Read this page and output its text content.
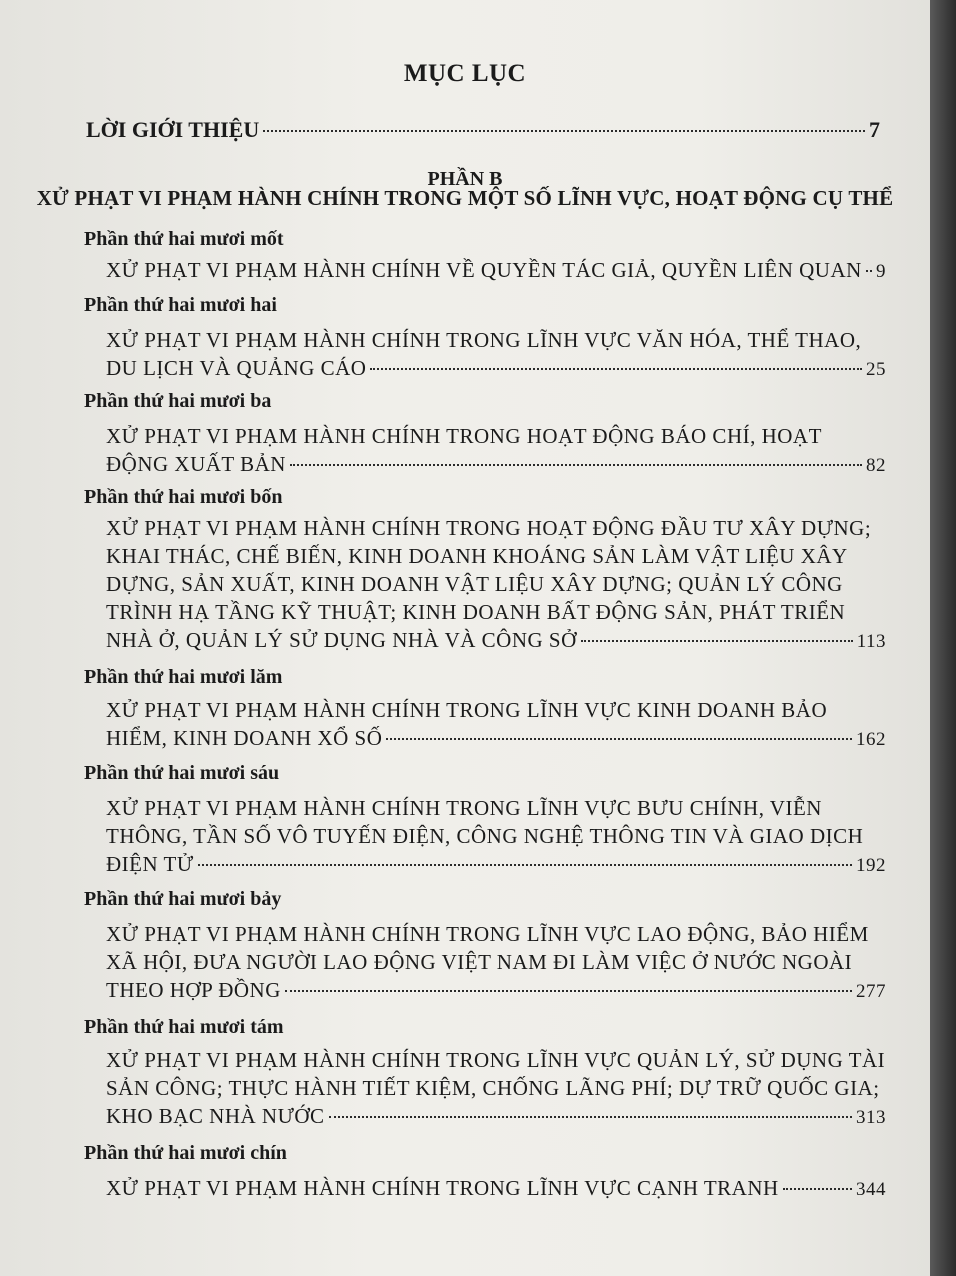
MỤC LỤC
LỜI GIỚI THIỆU	7
PHẦN B
XỬ PHẠT VI PHẠM HÀNH CHÍNH TRONG MỘT SỐ LĨNH VỰC, HOẠT ĐỘNG CỤ THỂ
Phần thứ hai mươi mốt
XỬ PHẠT VI PHẠM HÀNH CHÍNH VỀ QUYỀN TÁC GIẢ, QUYỀN LIÊN QUAN 9
Phần thứ hai mươi hai
XỬ PHẠT VI PHẠM HÀNH CHÍNH TRONG LĨNH VỰC VĂN HÓA, THỂ THAO,
DU LỊCH VÀ QUẢNG CÁO	25
Phần thứ hai mươi ba
XỬ PHẠT VI PHẠM HÀNH CHÍNH TRONG HOẠT ĐỘNG BÁO CHÍ, HOẠT
ĐỘNG XUẤT BẢN	82
Phần thứ hai mươi bốn
XỬ PHẠT VI PHẠM HÀNH CHÍNH TRONG HOẠT ĐỘNG ĐẦU TƯ XÂY DỰNG;
KHAI THÁC, CHẾ BIẾN, KINH DOANH KHOÁNG SẢN LÀM VẬT LIỆU XÂY
DỰNG, SẢN XUẤT, KINH DOANH VẬT LIỆU XÂY DỰNG; QUẢN LÝ CÔNG
TRÌNH HẠ TẦNG KỸ THUẬT; KINH DOANH BẤT ĐỘNG SẢN, PHÁT TRIỂN
NHÀ Ở, QUẢN LÝ SỬ DỤNG NHÀ VÀ CÔNG SỞ	113
Phần thứ hai mươi lăm
XỬ PHẠT VI PHẠM HÀNH CHÍNH TRONG LĨNH VỰC KINH DOANH BẢO
HIỂM, KINH DOANH XỔ SỐ	162
Phần thứ hai mươi sáu
XỬ PHẠT VI PHẠM HÀNH CHÍNH TRONG LĨNH VỰC BƯU CHÍNH, VIỄN
THÔNG, TẦN SỐ VÔ TUYẾN ĐIỆN, CÔNG NGHỆ THÔNG TIN VÀ GIAO DỊCH
ĐIỆN TỬ	192
Phần thứ hai mươi bảy
XỬ PHẠT VI PHẠM HÀNH CHÍNH TRONG LĨNH VỰC LAO ĐỘNG, BẢO HIỂM
XÃ HỘI, ĐƯA NGƯỜI LAO ĐỘNG VIỆT NAM ĐI LÀM VIỆC Ở NƯỚC NGOÀI
THEO HỢP ĐỒNG	277
Phần thứ hai mươi tám
XỬ PHẠT VI PHẠM HÀNH CHÍNH TRONG LĨNH VỰC QUẢN LÝ, SỬ DỤNG TÀI
SẢN CÔNG; THỰC HÀNH TIẾT KIỆM, CHỐNG LÃNG PHÍ; DỰ TRỮ QUỐC GIA;
KHO BẠC NHÀ NƯỚC	313
Phần thứ hai mươi chín
XỬ PHẠT VI PHẠM HÀNH CHÍNH TRONG LĨNH VỰC CẠNH TRANH	344
